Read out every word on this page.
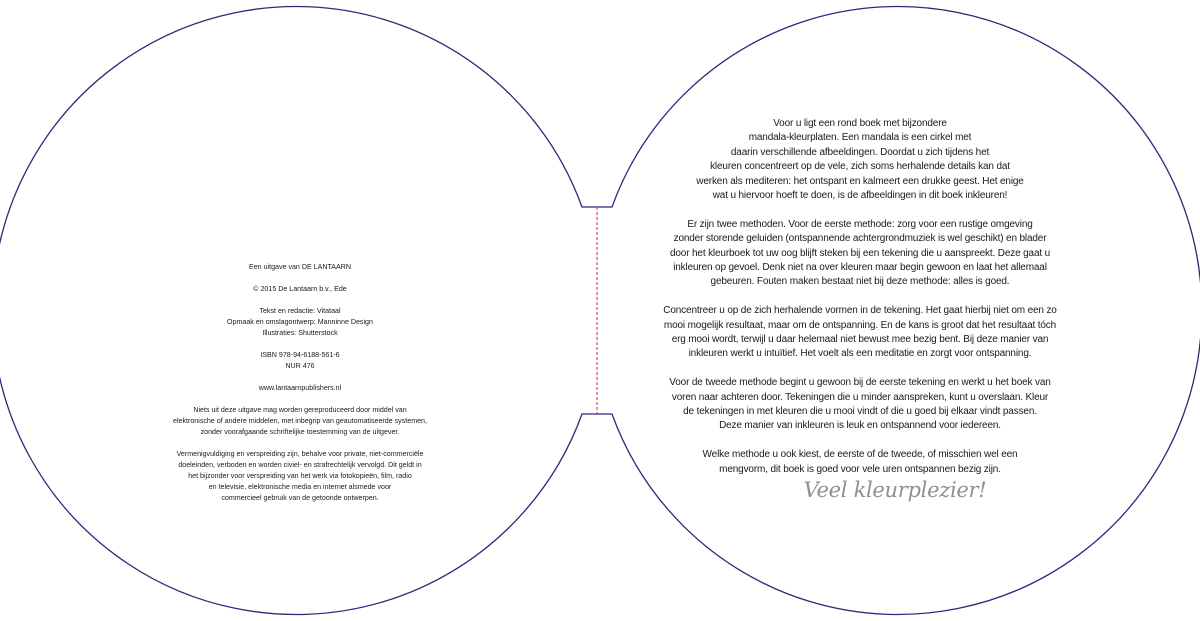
Een uitgave van DE LANTAARN

© 2015 De Lantaarn b.v., Ede

Tekst en redactie: Vitataal

Opmaak en omslagontwerp: Manninne Design

Illustraties: Shutterstock

ISBN 978-94-6188-561-6

NUR 476

www.lantaarnpublishers.nl

Niets uit deze uitgave mag worden gereproduceerd door middel van

elektronische of andere middelen, met inbegrip van geautomatiseerde systemen,

zonder voorafgaande schriftelijke toestemming van de uitgever.

Vermenigvuldiging en verspreiding zijn, behalve voor private, niet-commerciële

doeleinden, verboden en worden civiel- en strafrechtelijk vervolgd. Dit geldt in

het bijzonder voor verspreiding van het werk via fotokopieën, film, radio

en televisie, elektronische media en internet alsmede voor

commercieel gebruik van de getoonde ontwerpen.

Voor u ligt een rond boek met bijzondere

mandala-kleurplaten. Een mandala is een cirkel met

daarin verschillende afbeeldingen. Doordat u zich tijdens het

kleuren concentreert op de vele, zich soms herhalende details kan dat

werken als mediteren: het ontspant en kalmeert een drukke geest. Het enige

wat u hiervoor hoeft te doen, is de afbeeldingen in dit boek inkleuren!

Er zijn twee methoden. Voor de eerste methode: zorg voor een rustige omgeving

zonder storende geluiden (ontspannende achtergrondmuziek is wel geschikt) en blader

door het kleurboek tot uw oog blijft steken bij een tekening die u aanspreekt. Deze gaat u

inkleuren op gevoel. Denk niet na over kleuren maar begin gewoon en laat het allemaal

gebeuren. Fouten maken bestaat niet bij deze methode: alles is goed.

Concentreer u op de zich herhalende vormen in de tekening. Het gaat hierbij niet om een zo

mooi mogelijk resultaat, maar om de ontspanning. En de kans is groot dat het resultaat tóch

erg mooi wordt, terwijl u daar helemaal niet bewust mee bezig bent. Bij deze manier van

inkleuren werkt u intuïtief. Het voelt als een meditatie en zorgt voor ontspanning.

Voor de tweede methode begint u gewoon bij de eerste tekening en werkt u het boek van

voren naar achteren door. Tekeningen die u minder aanspreken, kunt u overslaan. Kleur

de tekeningen in met kleuren die u mooi vindt of die u goed bij elkaar vindt passen.

Deze manier van inkleuren is leuk en ontspannend voor iedereen.

Welke methode u ook kiest, de eerste of de tweede, of misschien wel een

mengvorm, dit boek is goed voor vele uren ontspannen bezig zijn.

Veel kleurplezier!
